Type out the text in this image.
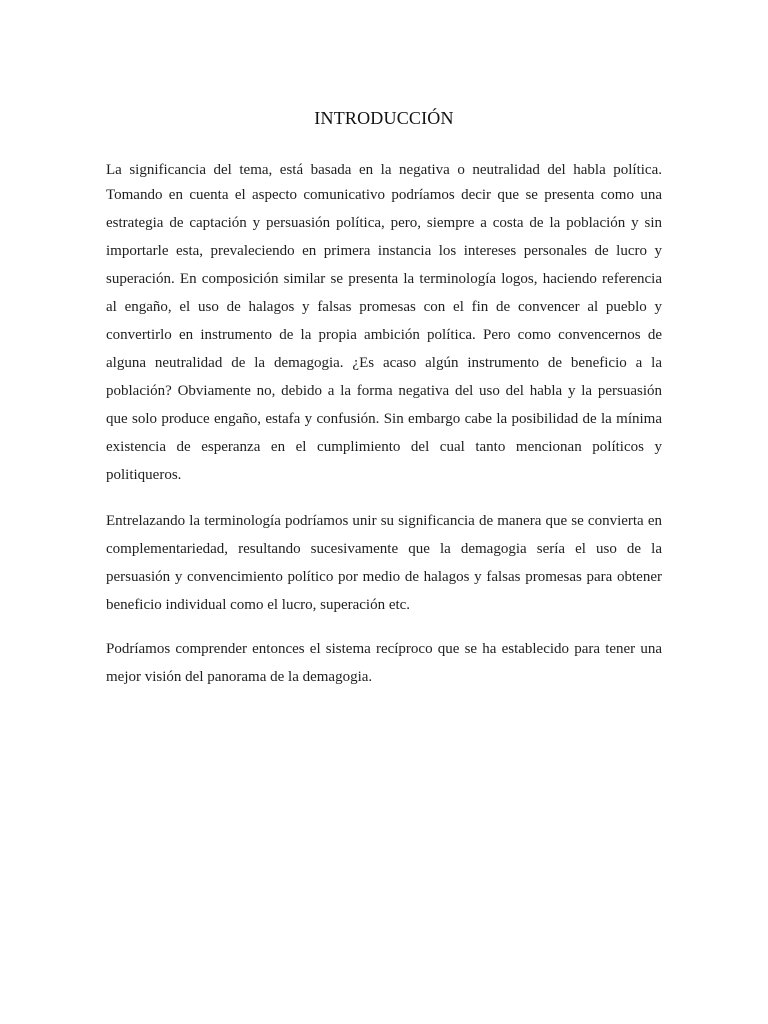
INTRODUCCIÓN
La significancia del tema, está basada en la negativa o neutralidad del habla política.
Tomando en cuenta el aspecto comunicativo podríamos decir que se presenta como una
estrategia de captación y persuasión política, pero, siempre a costa de la población y sin
importarle esta, prevaleciendo en primera instancia los intereses personales de lucro y
superación. En composición similar se presenta la terminología logos, haciendo referencia
al engaño, el uso de halagos y falsas promesas con el fin de convencer al pueblo y
convertirlo en instrumento de la propia ambición política. Pero como convencernos de
alguna neutralidad de la demagogia. ¿Es acaso algún instrumento de beneficio a la
población? Obviamente no, debido a la forma negativa del uso del habla y la persuasión
que solo produce engaño, estafa y confusión. Sin embargo cabe la posibilidad de la mínima
existencia de esperanza en el cumplimiento del cual tanto mencionan políticos y
politiqueros.
Entrelazando la terminología podríamos unir su significancia de manera que se convierta en
complementariedad, resultando sucesivamente que la demagogia sería el uso de la
persuasión y convencimiento político por medio de halagos y falsas promesas para obtener
beneficio individual como el lucro, superación etc.
Podríamos comprender entonces el sistema recíproco que se ha establecido para tener una
mejor visión del panorama de la demagogia.
